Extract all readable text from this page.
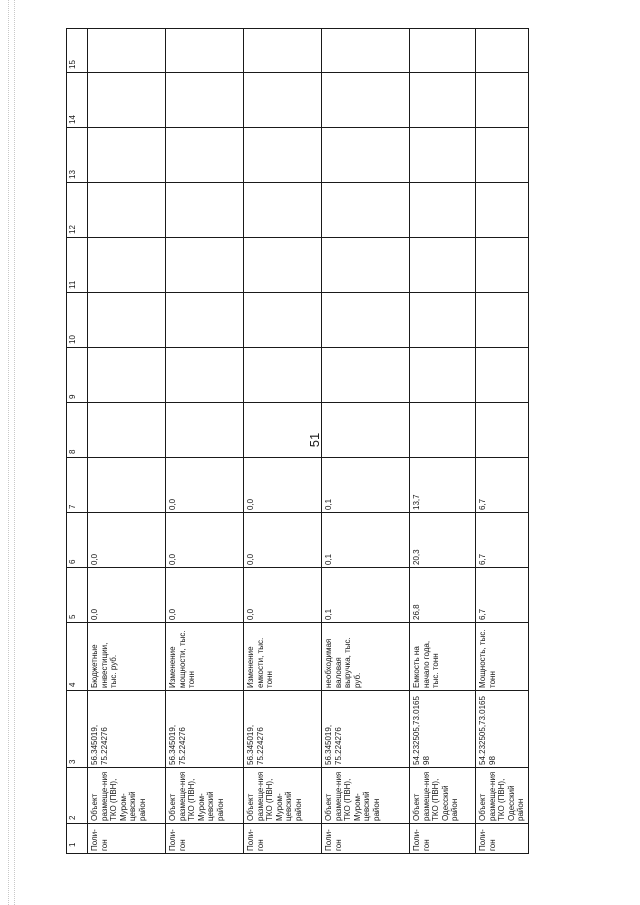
51
1	2	3	4	5	6	7	8	9	10	11	12	13	14	15
Поли-гон	Объект размеще-ния ТКО (ПВН), Муром-цевский район	56.345019, 75.224276	Бюджетные инвестиции, тыс. руб.	0,0	0,0									
Поли-гон	Объект размеще-ния ТКО (ПВН), Муром-цевский район	56.345019, 75.224276	Изменение мощности, тыс. тонн	0,0	0,0	0,0								
Поли-гон	Объект размеще-ния ТКО (ПВН), Муром-цевский район	56.345019, 75.224276	Изменение емкости, тыс. тонн	0,0	0,0	0,0								
Поли-гон	Объект размеще-ния ТКО (ПВН), Муром-цевский район	56.345019, 75.224276	необходимая валовая выручка, тыс. руб.	0,1	0,1	0,1								
Поли-гон	Объект размеще-ния ТКО (ПВН), Одесский район	54.232505,73.016598	Емкость на начало года, тыс. тонн	26,8	20,3	13,7								
Поли-гон	Объект размеще-ния ТКО (ПВН), Одесский район	54.232505,73.016598	Мощность, тыс. тонн	6,7	6,7	6,7								
